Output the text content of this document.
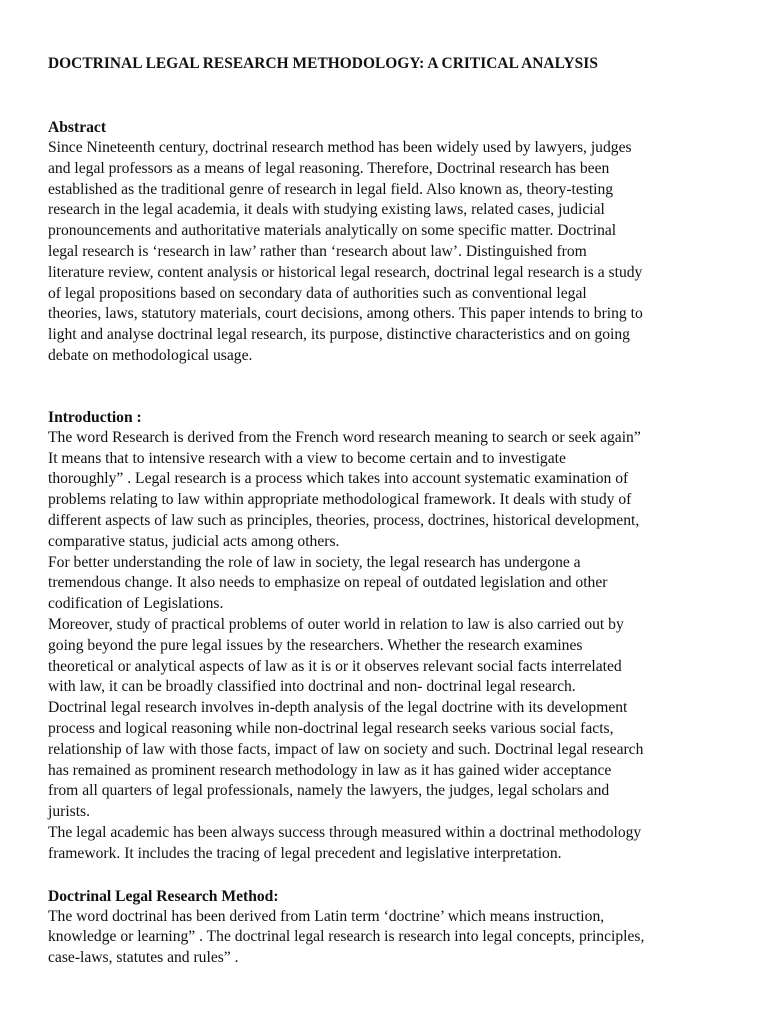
DOCTRINAL LEGAL RESEARCH METHODOLOGY: A CRITICAL ANALYSIS
Abstract
Since Nineteenth century, doctrinal research method has been widely used by lawyers, judges
and legal professors as a means of legal reasoning. Therefore, Doctrinal research has been
established as the traditional genre of research in legal field. Also known as, theory-testing
research in the legal academia, it deals with studying existing laws, related cases, judicial
pronouncements and authoritative materials analytically on some specific matter. Doctrinal
legal research is ‘research in law’ rather than ‘research about law’. Distinguished from
literature review, content analysis or historical legal research, doctrinal legal research is a study
of legal propositions based on secondary data of authorities such as conventional legal
theories, laws, statutory materials, court decisions, among others. This paper intends to bring to
light and analyse doctrinal legal research, its purpose, distinctive characteristics and on going
debate on methodological usage.
Introduction :
The word Research is derived from the French word research meaning to search or seek again”
It means that to intensive research with a view to become certain and to investigate
thoroughly” . Legal research is a process which takes into account systematic examination of
problems relating to law within appropriate methodological framework. It deals with study of
different aspects of law such as principles, theories, process, doctrines, historical development,
comparative status, judicial acts among others.
For better understanding the role of law in society, the legal research has undergone a
tremendous change. It also needs to emphasize on repeal of outdated legislation and other
codification of Legislations.
Moreover, study of practical problems of outer world in relation to law is also carried out by
going beyond the pure legal issues by the researchers. Whether the research examines
theoretical or analytical aspects of law as it is or it observes relevant social facts interrelated
with law, it can be broadly classified into doctrinal and non- doctrinal legal research.
Doctrinal legal research involves in-depth analysis of the legal doctrine with its development
process and logical reasoning while non-doctrinal legal research seeks various social facts,
relationship of law with those facts, impact of law on society and such. Doctrinal legal research
has remained as prominent research methodology in law as it has gained wider acceptance
from all quarters of legal professionals, namely the lawyers, the judges, legal scholars and
jurists.
The legal academic has been always success through measured within a doctrinal methodology
framework. It includes the tracing of legal precedent and legislative interpretation.
Doctrinal Legal Research Method:
The word doctrinal has been derived from Latin term ‘doctrine’ which means instruction,
knowledge or learning” . The doctrinal legal research is research into legal concepts, principles,
case-laws, statutes and rules” .
